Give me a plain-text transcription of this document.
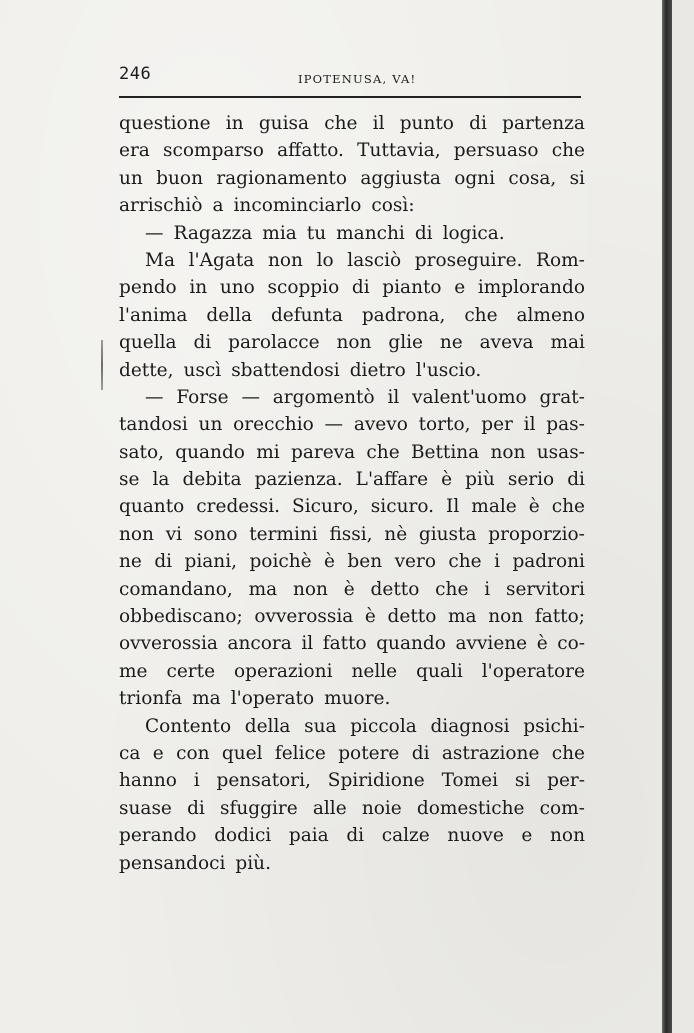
246	IPOTENUSA, VA!
questione in guisa che il punto di partenza
era scomparso affatto. Tuttavia, persuaso che
un buon ragionamento aggiusta ogni cosa, si
arrischiò a incominciarlo così:
— Ragazza mia tu manchi di logica.
Ma l'Agata non lo lasciò proseguire. Rom-
pendo in uno scoppio di pianto e implorando
l'anima della defunta padrona, che almeno
quella di parolacce non glie ne aveva mai
dette, uscì sbattendosi dietro l'uscio.
— Forse — argomentò il valent'uomo grat-
tandosi un orecchio — avevo torto, per il pas-
sato, quando mi pareva che Bettina non usas-
se la debita pazienza. L'affare è più serio di
quanto credessi. Sicuro, sicuro. Il male è che
non vi sono termini fissi, nè giusta proporzio-
ne di piani, poichè è ben vero che i padroni
comandano, ma non è detto che i servitori
obbediscano; ovverossia è detto ma non fatto;
ovverossia ancora il fatto quando avviene è co-
me certe operazioni nelle quali l'operatore
trionfa ma l'operato muore.
Contento della sua piccola diagnosi psichi-
ca e con quel felice potere di astrazione che
hanno i pensatori, Spiridione Tomei si per-
suase di sfuggire alle noie domestiche com-
perando dodici paia di calze nuove e non
pensandoci più.
